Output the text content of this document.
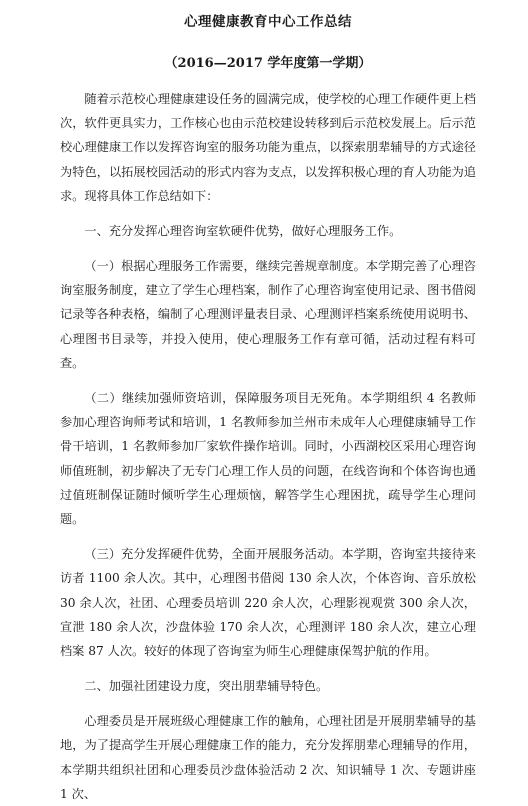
心理健康教育中心工作总结
（2016—2017 学年度第一学期）

随着示范校心理健康建设任务的圆满完成，使学校的心理工作硬件更上档次，软件更具实力，工作核心也由示范校建设转移到后示范校发展上。后示范校心理健康工作以发挥咨询室的服务功能为重点，以探索朋辈辅导的方式途径为特色，以拓展校园活动的形式内容为支点，以发挥积极心理的育人功能为追求。现将具体工作总结如下：

一、充分发挥心理咨询室软硬件优势，做好心理服务工作。

（一）根据心理服务工作需要，继续完善规章制度。本学期完善了心理咨询室服务制度，建立了学生心理档案，制作了心理咨询室使用记录、图书借阅记录等各种表格，编制了心理测评量表目录、心理测评档案系统使用说明书、心理图书目录等，并投入使用，使心理服务工作有章可循，活动过程有料可查。

（二）继续加强师资培训，保障服务项目无死角。本学期组织 4 名教师参加心理咨询师考试和培训，1 名教师参加兰州市未成年人心理健康辅导工作骨干培训，1 名教师参加厂家软件操作培训。同时，小西湖校区采用心理咨询师值班制，初步解决了无专门心理工作人员的问题，在线咨询和个体咨询也通过值班制保证随时倾听学生心理烦恼，解答学生心理困扰，疏导学生心理问题。

（三）充分发挥硬件优势，全面开展服务活动。本学期，咨询室共接待来访者 1100 余人次。其中，心理图书借阅 130 余人次，个体咨询、音乐放松 30 余人次，社团、心理委员培训 220 余人次，心理影视观赏 300 余人次，宣泄 180 余人次，沙盘体验 170 余人次，心理测评 180 余人次，建立心理档案 87 人次。较好的体现了咨询室为师生心理健康保驾护航的作用。

二、加强社团建设力度，突出朋辈辅导特色。

心理委员是开展班级心理健康工作的触角，心理社团是开展朋辈辅导的基地，为了提高学生开展心理健康工作的能力，充分发挥朋辈心理辅导的作用，本学期共组织社团和心理委员沙盘体验活动 2 次、知识辅导 1 次、专题讲座 1 次、
